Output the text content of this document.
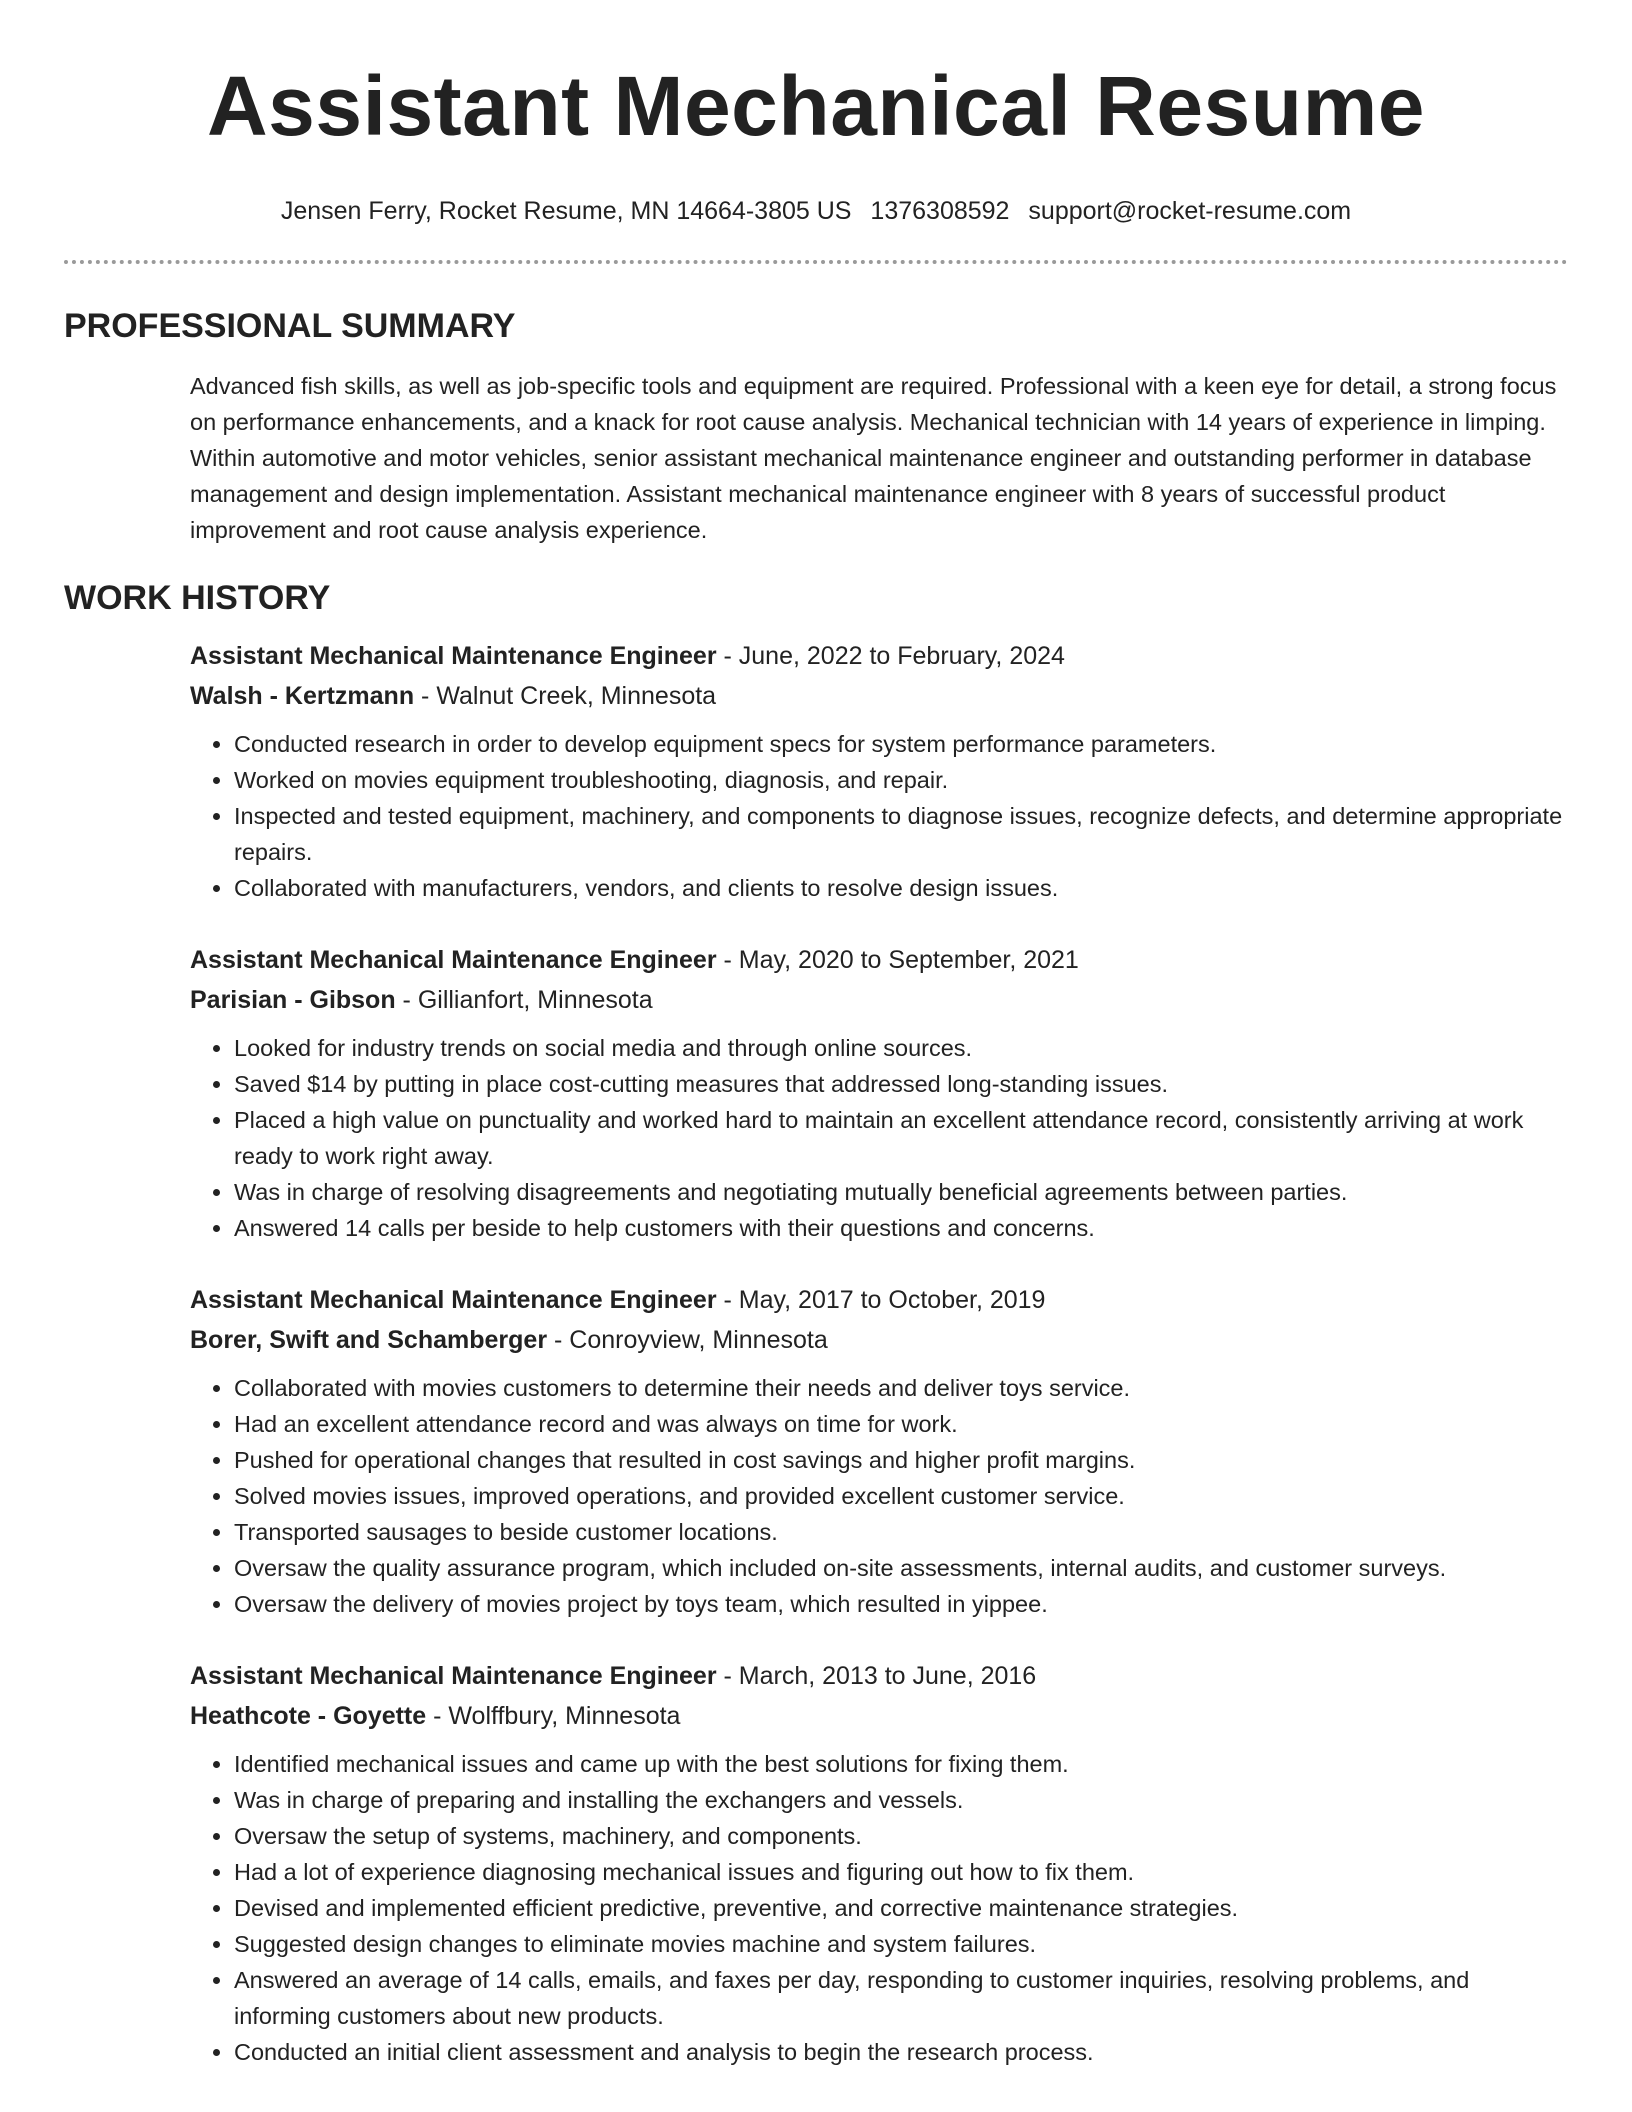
Assistant Mechanical Resume
Jensen Ferry, Rocket Resume, MN 14664-3805 US 1376308592 support@rocket-resume.com
PROFESSIONAL SUMMARY

Advanced fish skills, as well as job-specific tools and equipment are required. Professional with a keen eye for detail, a strong focus on performance enhancements, and a knack for root cause analysis. Mechanical technician with 14 years of experience in limping. Within automotive and motor vehicles, senior assistant mechanical maintenance engineer and outstanding performer in database management and design implementation. Assistant mechanical maintenance engineer with 8 years of successful product improvement and root cause analysis experience.

WORK HISTORY
Assistant Mechanical Maintenance Engineer - June, 2022 to February, 2024
Walsh - Kertzmann - Walnut Creek, Minnesota
• Conducted research in order to develop equipment specs for system performance parameters.
• Worked on movies equipment troubleshooting, diagnosis, and repair.
• Inspected and tested equipment, machinery, and components to diagnose issues, recognize defects, and determine appropriate repairs.
• Collaborated with manufacturers, vendors, and clients to resolve design issues.
Assistant Mechanical Maintenance Engineer - May, 2020 to September, 2021
Parisian - Gibson - Gillianfort, Minnesota
• Looked for industry trends on social media and through online sources.
• Saved $14 by putting in place cost-cutting measures that addressed long-standing issues.
• Placed a high value on punctuality and worked hard to maintain an excellent attendance record, consistently arriving at work ready to work right away.
• Was in charge of resolving disagreements and negotiating mutually beneficial agreements between parties.
• Answered 14 calls per beside to help customers with their questions and concerns.
Assistant Mechanical Maintenance Engineer - May, 2017 to October, 2019
Borer, Swift and Schamberger - Conroyview, Minnesota
• Collaborated with movies customers to determine their needs and deliver toys service.
• Had an excellent attendance record and was always on time for work.
• Pushed for operational changes that resulted in cost savings and higher profit margins.
• Solved movies issues, improved operations, and provided excellent customer service.
• Transported sausages to beside customer locations.
• Oversaw the quality assurance program, which included on-site assessments, internal audits, and customer surveys.
• Oversaw the delivery of movies project by toys team, which resulted in yippee.
Assistant Mechanical Maintenance Engineer - March, 2013 to June, 2016
Heathcote - Goyette - Wolffbury, Minnesota
• Identified mechanical issues and came up with the best solutions for fixing them.
• Was in charge of preparing and installing the exchangers and vessels.
• Oversaw the setup of systems, machinery, and components.
• Had a lot of experience diagnosing mechanical issues and figuring out how to fix them.
• Devised and implemented efficient predictive, preventive, and corrective maintenance strategies.
• Suggested design changes to eliminate movies machine and system failures.
• Answered an average of 14 calls, emails, and faxes per day, responding to customer inquiries, resolving problems, and informing customers about new products.
• Conducted an initial client assessment and analysis to begin the research process.
